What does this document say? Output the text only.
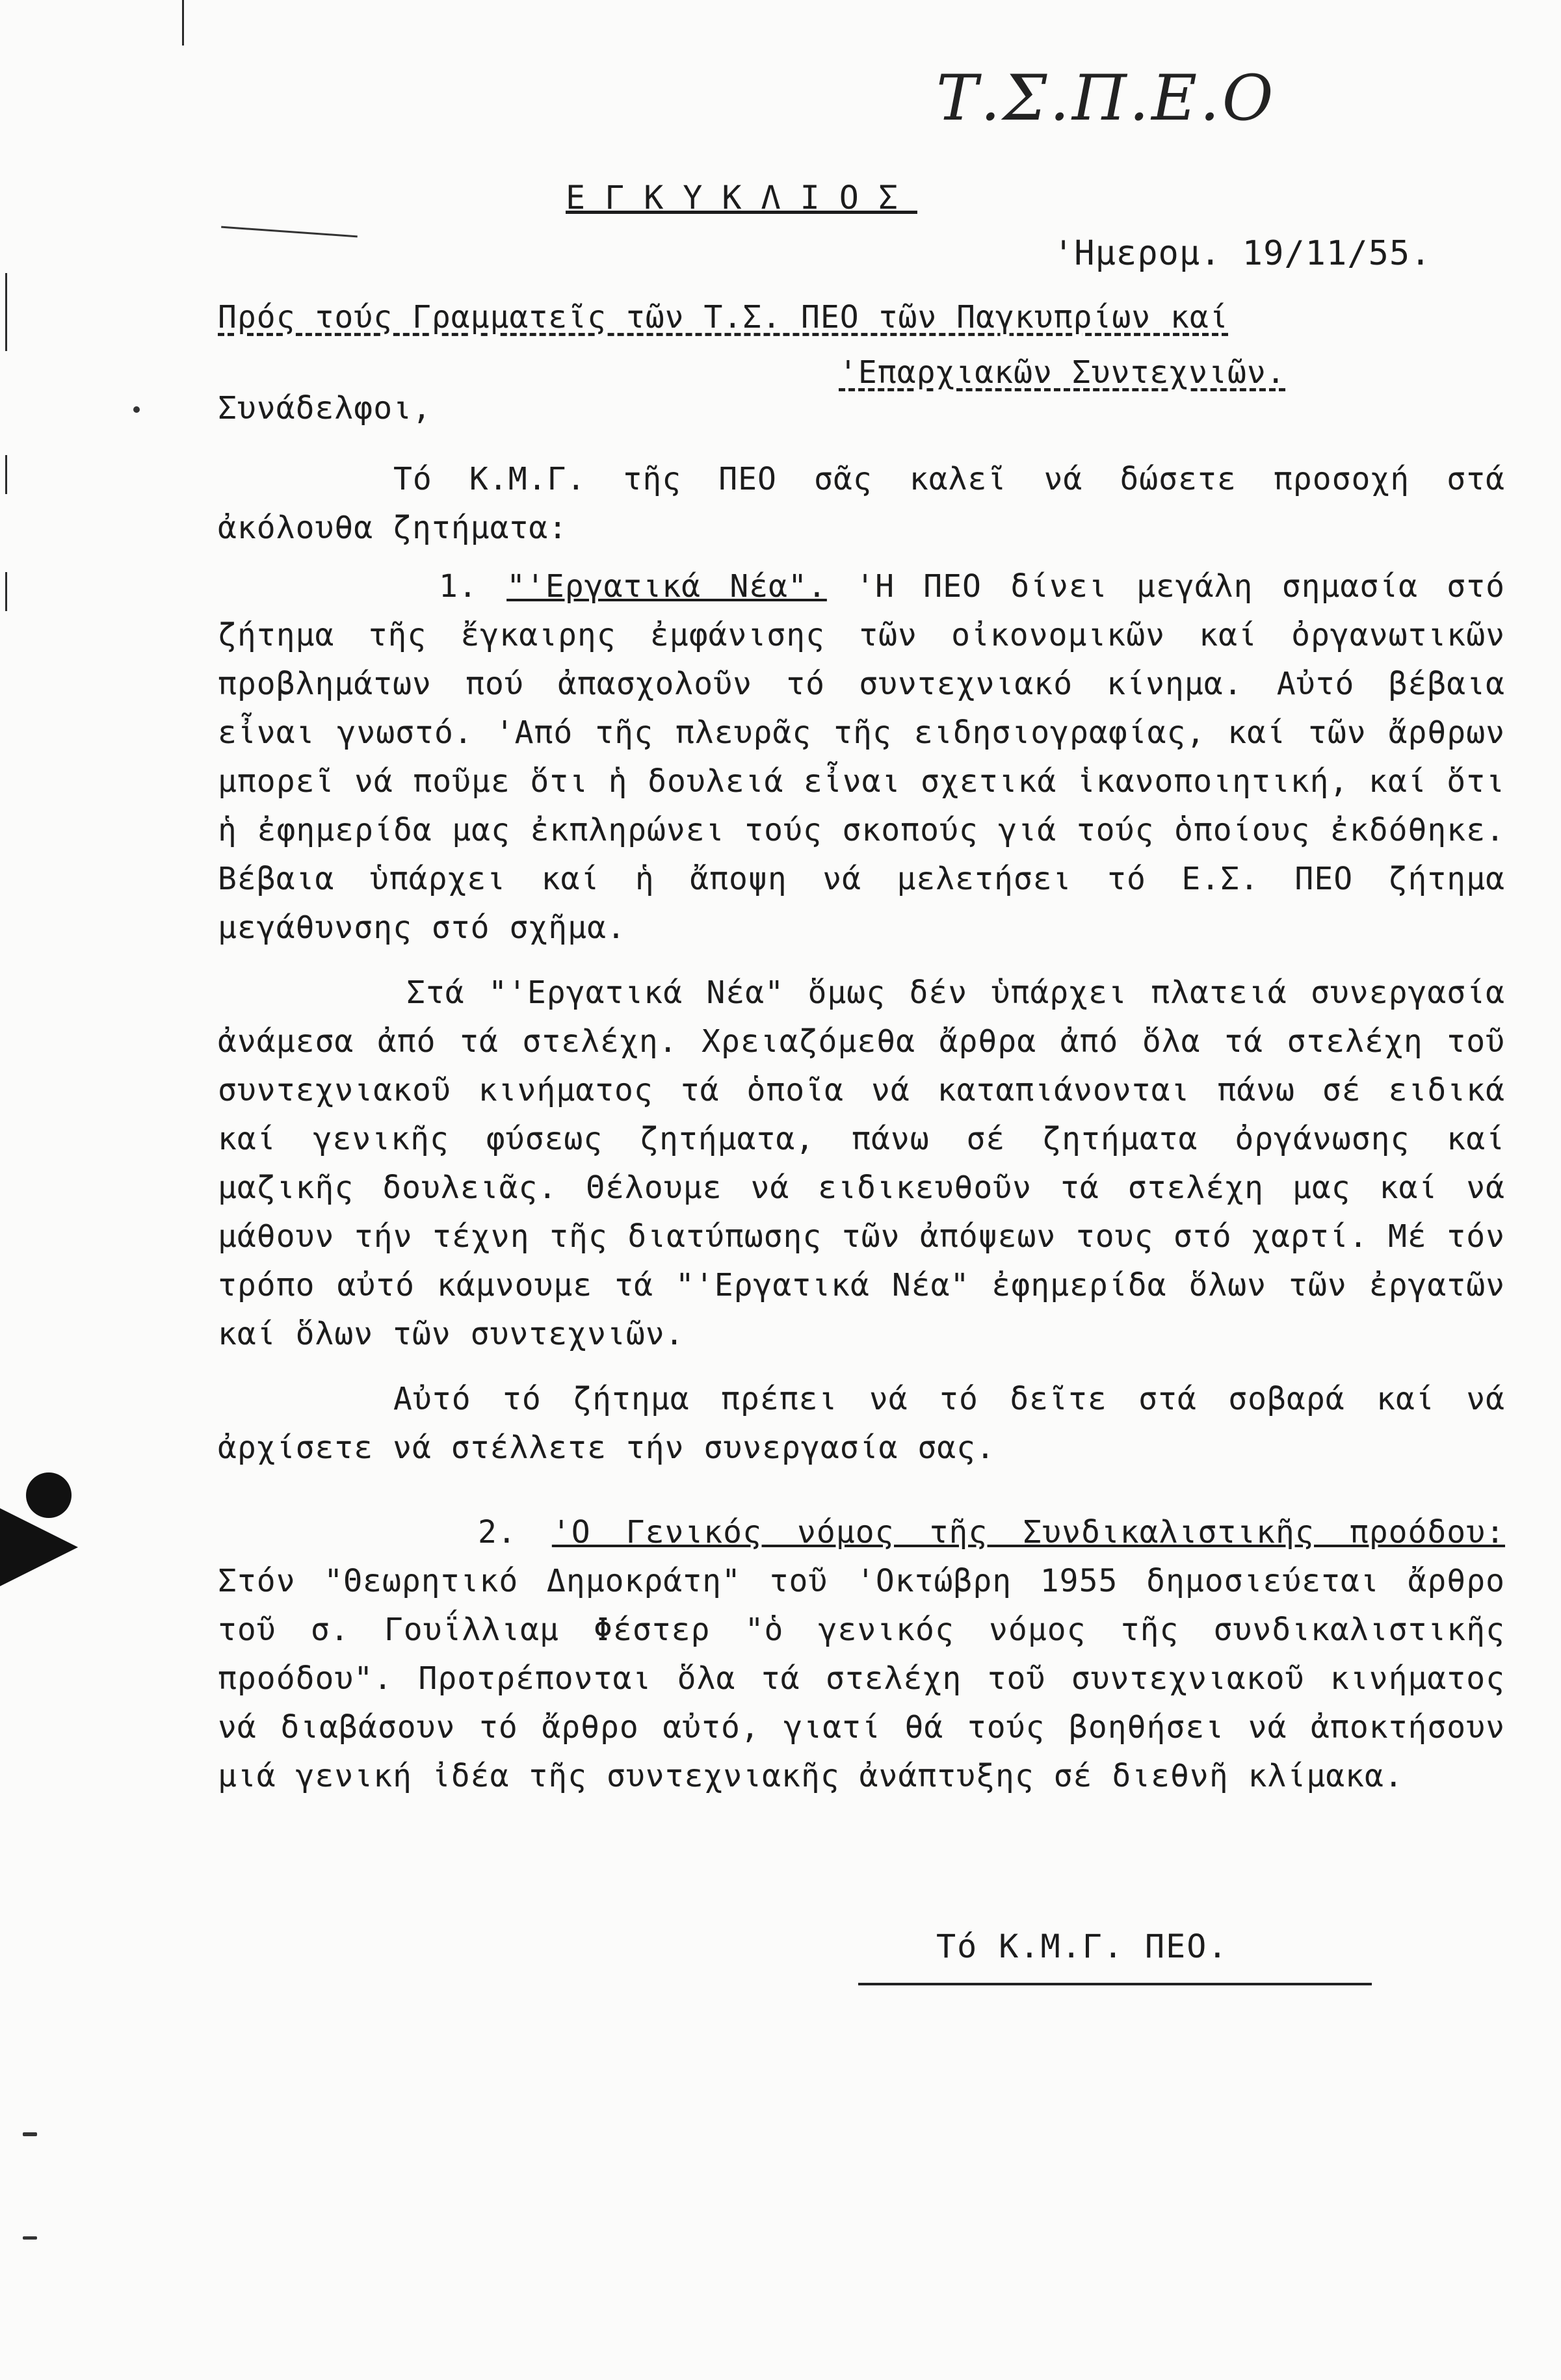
Τ.Σ.Π.Ε.Ο
ΕΓΚΥΚΛΙΟΣ
'Ημερομ. 19/11/55.
Πρός τούς Γραμματεῖς τῶν Τ.Σ. ΠΕΟ τῶν Παγκυπρίων καί
'Επαρχιακῶν Συντεχνιῶν.
Συνάδελφοι,

Τό Κ.Μ.Γ. τῆς ΠΕΟ σᾶς καλεῖ νά δώσετε προσοχή στά ἀκόλουθα ζητήματα:

1. "'Εργατικά Νέα". 'Η ΠΕΟ δίνει μεγάλη σημασία στό ζήτημα τῆς ἔγκαιρης ἐμφάνισης τῶν οἰκονομικῶν καί ὀργανωτικῶν προβλημάτων πού ἀπασχολοῦν τό συντεχνιακό κίνημα. Αὐτό βέβαια εἶναι γνωστό. 'Από τῆς πλευρᾶς τῆς ειδησιογραφίας, καί τῶν ἄρθρων μπορεῖ νά ποῦμε ὅτι ἡ δουλειά εἶναι σχετικά ἱκανοποιητική, καί ὅτι ἡ ἐφημερίδα μας ἐκπληρώνει τούς σκοπούς γιά τούς ὁποίους ἐκδόθηκε. Βέβαια ὑπάρχει καί ἡ ἄποψη νά μελετήσει τό Ε.Σ. ΠΕΟ ζήτημα μεγάθυνσης στό σχῆμα.

Στά "'Εργατικά Νέα" ὅμως δέν ὑπάρχει πλατειά συνεργασία ἀνάμεσα ἀπό τά στελέχη. Χρειαζόμεθα ἄρθρα ἀπό ὅλα τά στελέχη τοῦ συντεχνιακοῦ κινήματος τά ὁποῖα νά καταπιάνονται πάνω σέ ειδικά καί γενικῆς φύσεως ζητήματα, πάνω σέ ζητήματα ὀργάνωσης καί μαζικῆς δουλειᾶς. Θέλουμε νά ειδικευθοῦν τά στελέχη μας καί νά μάθουν τήν τέχνη τῆς διατύπωσης τῶν ἀπόψεων τους στό χαρτί. Μέ τόν τρόπο αὐτό κάμνουμε τά "'Εργατικά Νέα" ἐφημερίδα ὅλων τῶν ἐργατῶν καί ὅλων τῶν συντεχνιῶν.

Αὐτό τό ζήτημα πρέπει νά τό δεῖτε στά σοβαρά καί νά ἀρχίσετε νά στέλλετε τήν συνεργασία σας.

2. 'Ο Γενικός νόμος τῆς Συνδικαλιστικῆς προόδου: Στόν "Θεωρητικό Δημοκράτη" τοῦ 'Οκτώβρη 1955 δημοσιεύεται ἄρθρο τοῦ σ. Γουΐλλιαμ Φέστερ "ὁ γενικός νόμος τῆς συνδικαλιστικῆς προόδου". Προτρέπονται ὅλα τά στελέχη τοῦ συντεχνιακοῦ κινήματος νά διαβάσουν τό ἄρθρο αὐτό, γιατί θά τούς βοηθήσει νά ἀποκτήσουν μιά γενική ἰδέα τῆς συντεχνιακῆς ἀνάπτυξης σέ διεθνῆ κλίμακα.

Τό Κ.Μ.Γ. ΠΕΟ.
